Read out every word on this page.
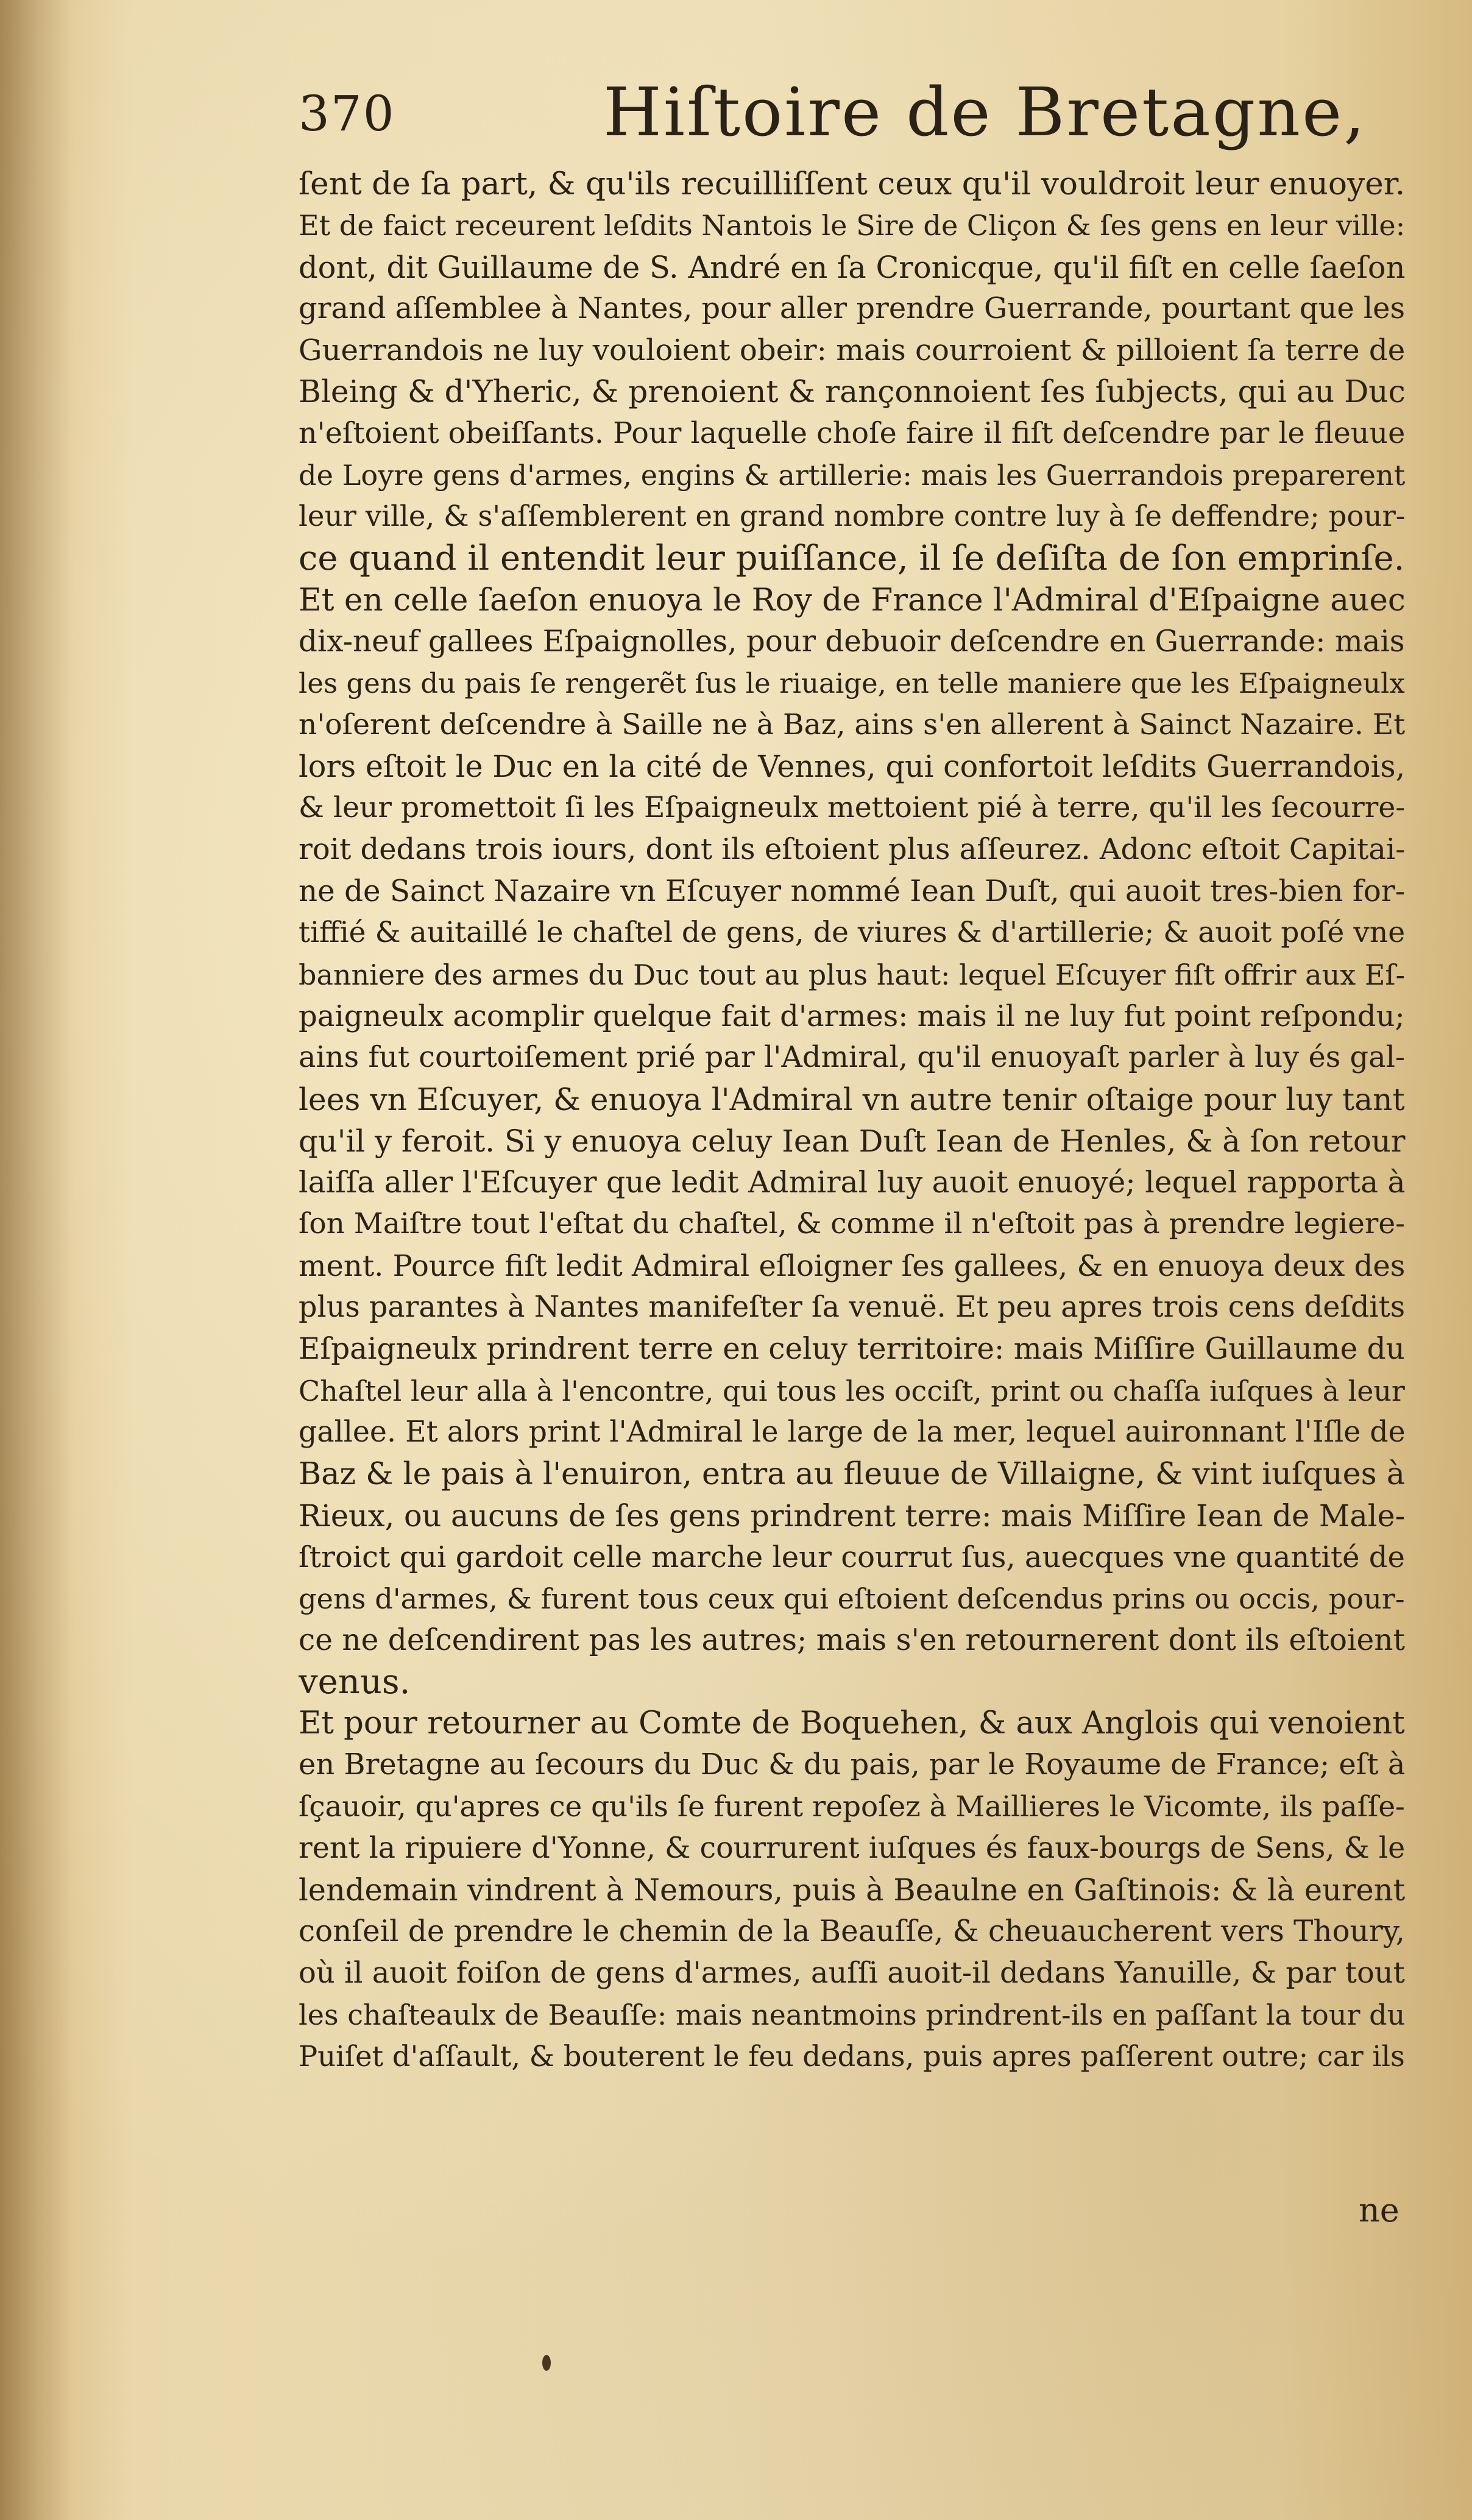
370	Hiſtoire de Bretagne,
ſent de ſa part, & qu'ils recuilliſſent ceux qu'il vouldroit leur enuoyer.
Et de faict receurent leſdits Nantois le Sire de Cliçon & ſes gens en leur ville:
dont, dit Guillaume de S. André en ſa Cronicque, qu'il fiſt en celle ſaeſon
grand aſſemblee à Nantes, pour aller prendre Guerrande, pourtant que les
Guerrandois ne luy vouloient obeir: mais courroient & pilloient ſa terre de
Bleing & d'Yheric, & prenoient & rançonnoient ſes ſubjects, qui au Duc
n'eſtoient obeiſſants. Pour laquelle choſe faire il fiſt deſcendre par le fleuue
de Loyre gens d'armes, engins & artillerie: mais les Guerrandois preparerent
leur ville, & s'aſſemblerent en grand nombre contre luy à ſe deffendre; pour-
ce quand il entendit leur puiſſance, il ſe deſiſta de ſon emprinſe.
Et en celle ſaeſon enuoya le Roy de France l'Admiral d'Eſpaigne auec
dix-neuf gallees Eſpaignolles, pour debuoir deſcendre en Guerrande: mais
les gens du pais ſe rengerẽt ſus le riuaige, en telle maniere que les Eſpaigneulx
n'oſerent deſcendre à Saille ne à Baz, ains s'en allerent à Sainct Nazaire. Et
lors eſtoit le Duc en la cité de Vennes, qui confortoit leſdits Guerrandois,
& leur promettoit ſi les Eſpaigneulx mettoient pié à terre, qu'il les ſecourre-
roit dedans trois iours, dont ils eſtoient plus aſſeurez. Adonc eſtoit Capitai-
ne de Sainct Nazaire vn Eſcuyer nommé Iean Duſt, qui auoit tres-bien for-
tiffié & auitaillé le chaſtel de gens, de viures & d'artillerie; & auoit poſé vne
banniere des armes du Duc tout au plus haut: lequel Eſcuyer fiſt offrir aux Eſ-
paigneulx acomplir quelque fait d'armes: mais il ne luy fut point reſpondu;
ains fut courtoiſement prié par l'Admiral, qu'il enuoyaſt parler à luy és gal-
lees vn Eſcuyer, & enuoya l'Admiral vn autre tenir oſtaige pour luy tant
qu'il y feroit. Si y enuoya celuy Iean Duſt Iean de Henles, & à ſon retour
laiſſa aller l'Eſcuyer que ledit Admiral luy auoit enuoyé; lequel rapporta à
ſon Maiſtre tout l'eſtat du chaſtel, & comme il n'eſtoit pas à prendre legiere-
ment. Pource fiſt ledit Admiral eſloigner ſes gallees, & en enuoya deux des
plus parantes à Nantes manifeſter ſa venuë. Et peu apres trois cens deſdits
Eſpaigneulx prindrent terre en celuy territoire: mais Miſſire Guillaume du
Chaſtel leur alla à l'encontre, qui tous les occiſt, print ou chaſſa iuſques à leur
gallee. Et alors print l'Admiral le large de la mer, lequel auironnant l'Iſle de
Baz & le pais à l'enuiron, entra au fleuue de Villaigne, & vint iuſques à
Rieux, ou aucuns de ſes gens prindrent terre: mais Miſſire Iean de Male-
ſtroict qui gardoit celle marche leur courrut ſus, auecques vne quantité de
gens d'armes, & furent tous ceux qui eſtoient deſcendus prins ou occis, pour-
ce ne deſcendirent pas les autres; mais s'en retournerent dont ils eſtoient
venus.
Et pour retourner au Comte de Boquehen, & aux Anglois qui venoient
en Bretagne au ſecours du Duc & du pais, par le Royaume de France; eſt à
ſçauoir, qu'apres ce qu'ils ſe furent repoſez à Maillieres le Vicomte, ils paſſe-
rent la ripuiere d'Yonne, & courrurent iuſques és faux-bourgs de Sens, & le
lendemain vindrent à Nemours, puis à Beaulne en Gaſtinois: & là eurent
conſeil de prendre le chemin de la Beauſſe, & cheuaucherent vers Thoury,
où il auoit foiſon de gens d'armes, auſſi auoit-il dedans Yanuille, & par tout
les chaſteaulx de Beauſſe: mais neantmoins prindrent-ils en paſſant la tour du
Puiſet d'aſſault, & bouterent le feu dedans, puis apres paſſerent outre; car ils
ne
